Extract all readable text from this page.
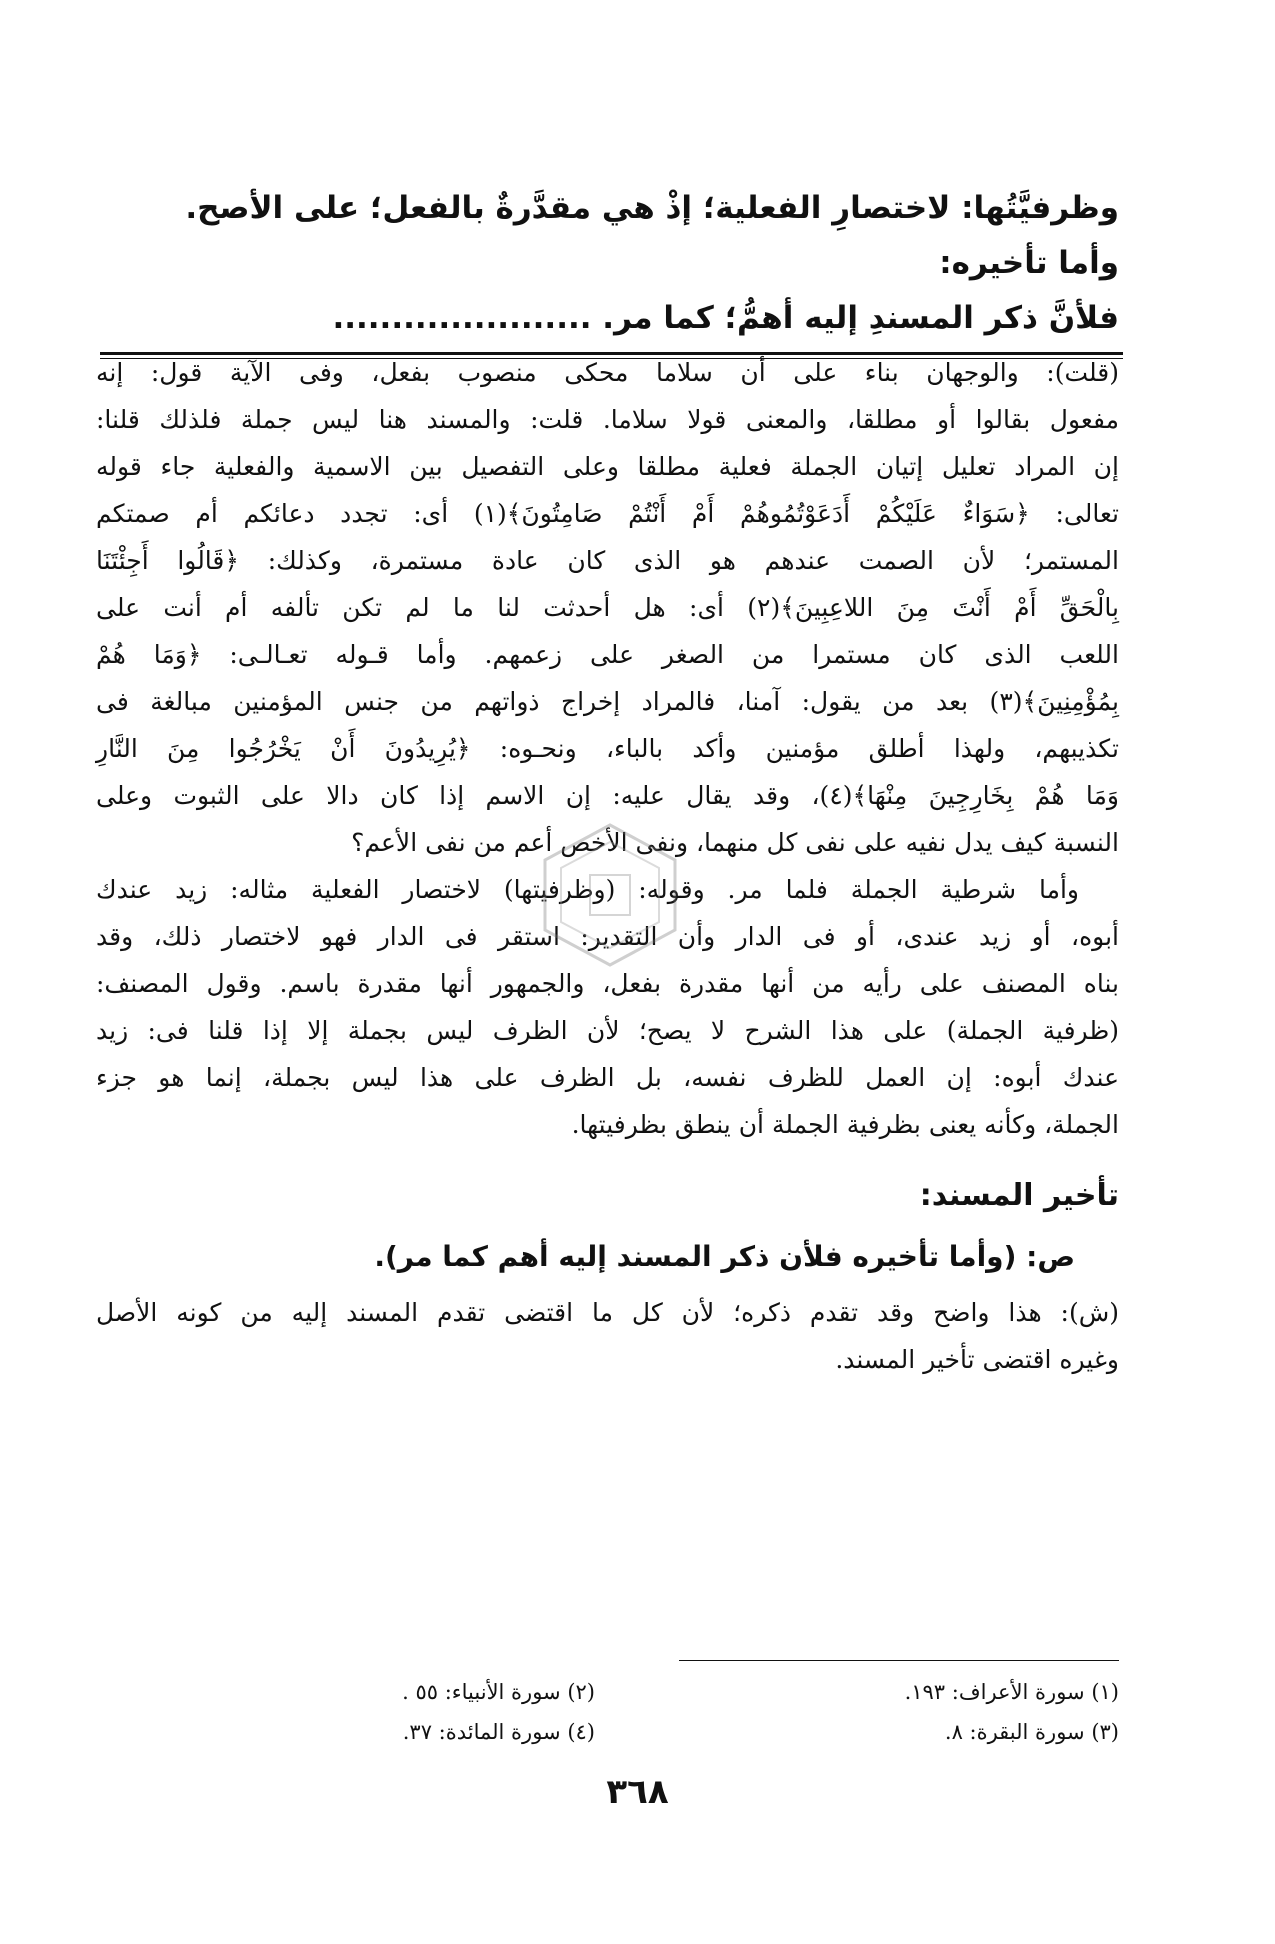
وظرفيَّتُها: لاختصارِ الفعلية؛ إذْ هي مقدَّرةٌ بالفعل؛ على الأصح.
وأما تأخيره:
فلأنَّ ذكر المسندِ إليه أهمُّ؛ كما مر. ......................
(قلت): والوجهان بناء على أن سلاما محكى منصوب بفعل، وفى الآية قول: إنه
مفعول بقالوا أو مطلقا، والمعنى قولا سلاما. قلت: والمسند هنا ليس جملة فلذلك قلنا:
إن المراد تعليل إتيان الجملة فعلية مطلقا وعلى التفصيل بين الاسمية والفعلية جاء قوله
تعالى: ﴿سَوَاءٌ عَلَيْكُمْ أَدَعَوْتُمُوهُمْ أَمْ أَنْتُمْ صَامِتُونَ﴾(١) أى: تجدد دعائكم أم صمتكم
المستمر؛ لأن الصمت عندهم هو الذى كان عادة مستمرة، وكذلك: ﴿قَالُوا أَجِئْتَنَا
بِالْحَقِّ أَمْ أَنْتَ مِنَ اللاعِبِينَ﴾(٢) أى: هل أحدثت لنا ما لم تكن تألفه أم أنت على
اللعب الذى كان مستمرا من الصغر على زعمهم. وأما قـوله تعـالـى: ﴿وَمَا هُمْ
بِمُؤْمِنِينَ﴾(٣) بعد من يقول: آمنا، فالمراد إخراج ذواتهم من جنس المؤمنين مبالغة فى
تكذيبهم، ولهذا أطلق مؤمنين وأكد بالباء، ونحـوه: ﴿يُرِيدُونَ أَنْ يَخْرُجُوا مِنَ النَّارِ
وَمَا هُمْ بِخَارِجِينَ مِنْهَا﴾(٤)، وقد يقال عليه: إن الاسم إذا كان دالا على الثبوت وعلى
النسبة كيف يدل نفيه على نفى كل منهما، ونفى الأخص أعم من نفى الأعم؟
وأما شرطية الجملة فلما مر. وقوله: (وظرفيتها) لاختصار الفعلية مثاله: زيد عندك
أبوه، أو زيد عندى، أو فى الدار وأن التقدير: استقر فى الدار فهو لاختصار ذلك، وقد
بناه المصنف على رأيه من أنها مقدرة بفعل، والجمهور أنها مقدرة باسم. وقول المصنف:
(ظرفية الجملة) على هذا الشرح لا يصح؛ لأن الظرف ليس بجملة إلا إذا قلنا فى: زيد
عندك أبوه: إن العمل للظرف نفسه، بل الظرف على هذا ليس بجملة، إنما هو جزء
الجملة، وكأنه يعنى بظرفية الجملة أن ينطق بظرفيتها.
تأخير المسند:
ص: (وأما تأخيره فلأن ذكر المسند إليه أهم كما مر).
(ش): هذا واضح وقد تقدم ذكره؛ لأن كل ما اقتضى تقدم المسند إليه من كونه الأصل
وغيره اقتضى تأخير المسند.
(١) سورة الأعراف: ١٩٣.
(٢) سورة الأنبياء: ٥٥ .
(٣) سورة البقرة: ٨.
(٤) سورة المائدة: ٣٧.
٣٦٨
